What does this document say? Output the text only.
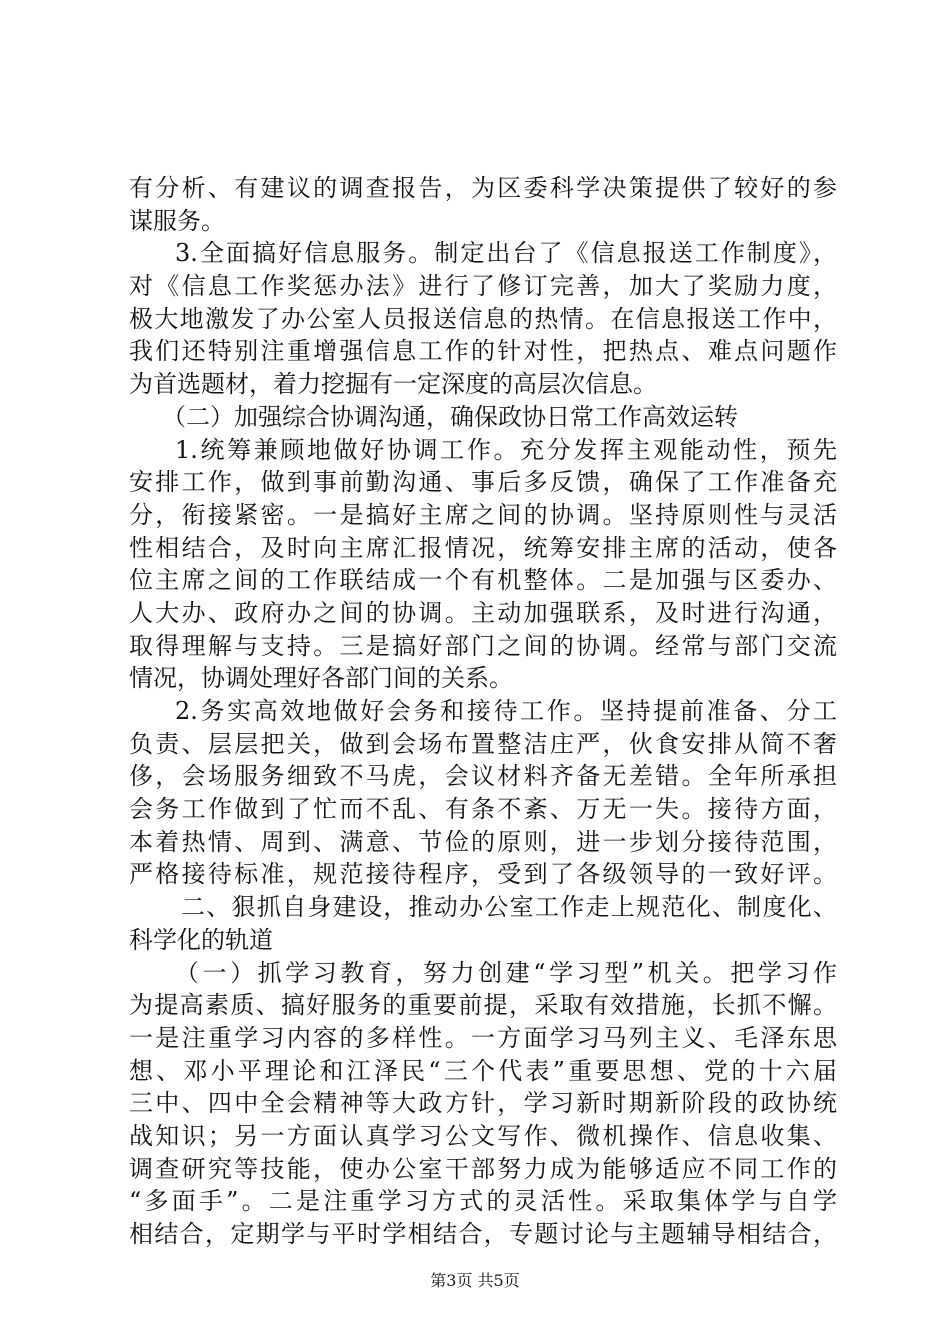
有分析、有建议的调查报告，为区委科学决策提供了较好的参
谋服务。
3.全面搞好信息服务。制定出台了《信息报送工作制度》，
对《信息工作奖惩办法》进行了修订完善，加大了奖励力度，
极大地激发了办公室人员报送信息的热情。在信息报送工作中，
我们还特别注重增强信息工作的针对性，把热点、难点问题作
为首选题材，着力挖掘有一定深度的高层次信息。
（二）加强综合协调沟通，确保政协日常工作高效运转
1.统筹兼顾地做好协调工作。充分发挥主观能动性，预先
安排工作，做到事前勤沟通、事后多反馈，确保了工作准备充
分，衔接紧密。一是搞好主席之间的协调。坚持原则性与灵活
性相结合，及时向主席汇报情况，统筹安排主席的活动，使各
位主席之间的工作联结成一个有机整体。二是加强与区委办、
人大办、政府办之间的协调。主动加强联系，及时进行沟通，
取得理解与支持。三是搞好部门之间的协调。经常与部门交流
情况，协调处理好各部门间的关系。
2.务实高效地做好会务和接待工作。坚持提前准备、分工
负责、层层把关，做到会场布置整洁庄严，伙食安排从简不奢
侈，会场服务细致不马虎，会议材料齐备无差错。全年所承担
会务工作做到了忙而不乱、有条不紊、万无一失。接待方面，
本着热情、周到、满意、节俭的原则，进一步划分接待范围，
严格接待标准，规范接待程序，受到了各级领导的一致好评。
二、狠抓自身建设，推动办公室工作走上规范化、制度化、
科学化的轨道
（一）抓学习教育，努力创建“学习型”机关。把学习作
为提高素质、搞好服务的重要前提，采取有效措施，长抓不懈。
一是注重学习内容的多样性。一方面学习马列主义、毛泽东思
想、邓小平理论和江泽民“三个代表”重要思想、党的十六届
三中、四中全会精神等大政方针，学习新时期新阶段的政协统
战知识；另一方面认真学习公文写作、微机操作、信息收集、
调查研究等技能，使办公室干部努力成为能够适应不同工作的
“多面手”。二是注重学习方式的灵活性。采取集体学与自学
相结合，定期学与平时学相结合，专题讨论与主题辅导相结合，
第3页 共5页
